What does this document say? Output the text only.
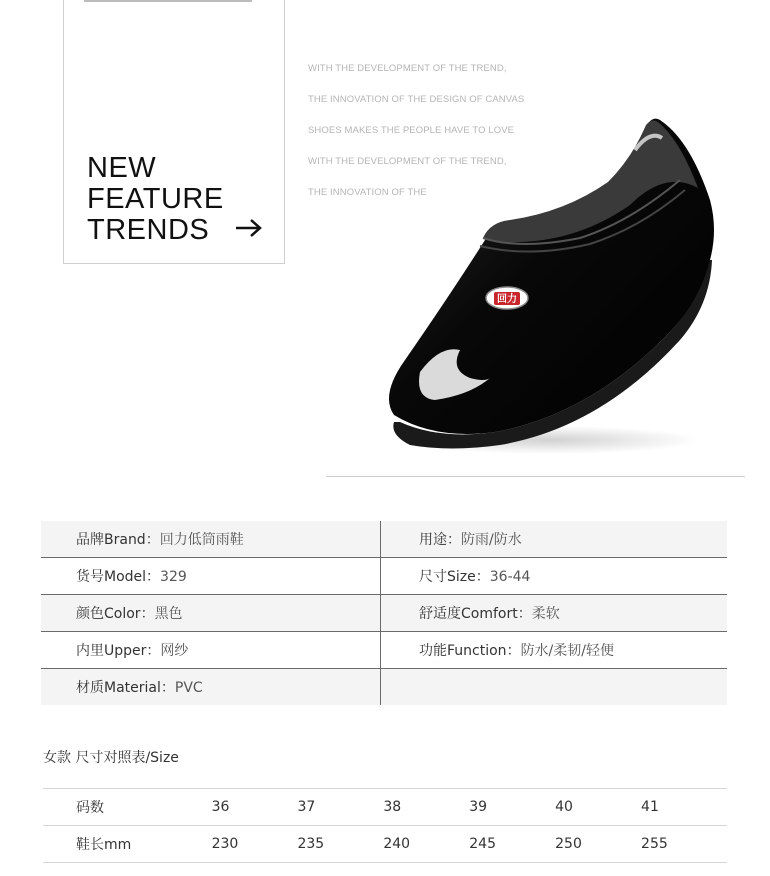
NEW
FEATURE
TRENDS
WITH THE DEVELOPMENT OF THE TREND,
THE INNOVATION OF THE DESIGN OF CANVAS
SHOES MAKES THE PEOPLE HAVE TO LOVE
WITH THE DEVELOPMENT OF THE TREND,
THE INNOVATION OF THE
回力
品牌Brand：回力低筒雨鞋	用途：防雨/防水
货号Model：329	尺寸Size：36-44
颜色Color：黑色	舒适度Comfort：柔软
内里Upper：网纱	功能Function：防水/柔韧/轻便
材质Material：PVC	
女款 尺寸对照表/Size
码数	36	37	38	39	40	41
鞋长mm	230	235	240	245	250	255
